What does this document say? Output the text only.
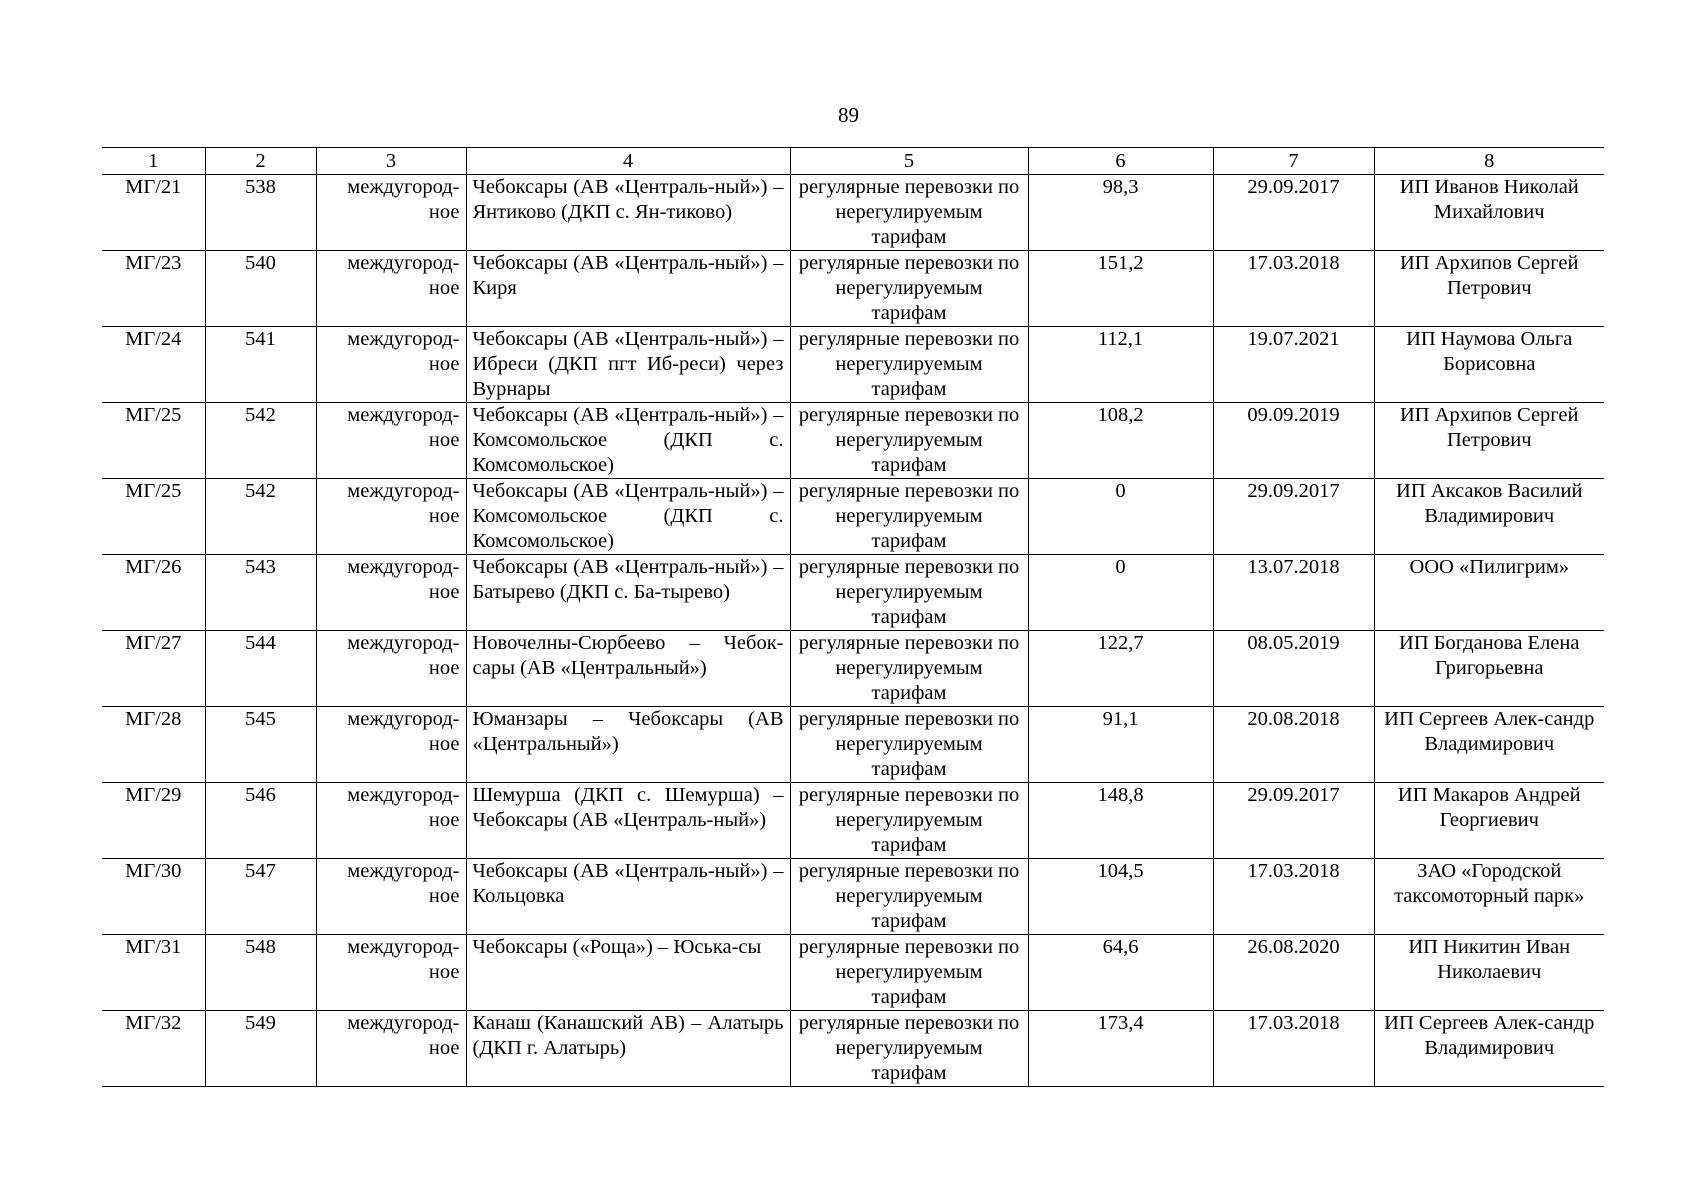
89
1	2	3	4	5	6	7	8
МГ/21	538	междугород-ное	Чебоксары (АВ «Централь-ный») – Янтиково (ДКП с. Ян-тиково)	регулярные перевозки по нерегулируемым тарифам	98,3	29.09.2017	ИП Иванов Николай Михайлович
МГ/23	540	междугород-ное	Чебоксары (АВ «Централь-ный») – Киря	регулярные перевозки по нерегулируемым тарифам	151,2	17.03.2018	ИП Архипов Сергей Петрович
МГ/24	541	междугород-ное	Чебоксары (АВ «Централь-ный») – Ибреси (ДКП пгт Иб-реси) через Вурнары	регулярные перевозки по нерегулируемым тарифам	112,1	19.07.2021	ИП Наумова Ольга Борисовна
МГ/25	542	междугород-ное	Чебоксары (АВ «Централь-ный») – Комсомольское (ДКП с. Комсомольское)	регулярные перевозки по нерегулируемым тарифам	108,2	09.09.2019	ИП Архипов Сергей Петрович
МГ/25	542	междугород-ное	Чебоксары (АВ «Централь-ный») – Комсомольское (ДКП с. Комсомольское)	регулярные перевозки по нерегулируемым тарифам	0	29.09.2017	ИП Аксаков Василий Владимирович
МГ/26	543	междугород-ное	Чебоксары (АВ «Централь-ный») – Батырево (ДКП с. Ба-тырево)	регулярные перевозки по нерегулируемым тарифам	0	13.07.2018	ООО «Пилигрим»
МГ/27	544	междугород-ное	Новочелны-Сюрбеево – Чебок-сары (АВ «Центральный»)	регулярные перевозки по нерегулируемым тарифам	122,7	08.05.2019	ИП Богданова Елена Григорьевна
МГ/28	545	междугород-ное	Юманзары – Чебоксары (АВ «Центральный»)	регулярные перевозки по нерегулируемым тарифам	91,1	20.08.2018	ИП Сергеев Алек-сандр Владимирович
МГ/29	546	междугород-ное	Шемурша (ДКП с. Шемурша) – Чебоксары (АВ «Централь-ный»)	регулярные перевозки по нерегулируемым тарифам	148,8	29.09.2017	ИП Макаров Андрей Георгиевич
МГ/30	547	междугород-ное	Чебоксары (АВ «Централь-ный») – Кольцовка	регулярные перевозки по нерегулируемым тарифам	104,5	17.03.2018	ЗАО «Городской таксомоторный парк»
МГ/31	548	междугород-ное	Чебоксары («Роща») – Юська-сы	регулярные перевозки по нерегулируемым тарифам	64,6	26.08.2020	ИП Никитин Иван Николаевич
МГ/32	549	междугород-ное	Канаш (Канашский АВ) – Алатырь (ДКП г. Алатырь)	регулярные перевозки по нерегулируемым тарифам	173,4	17.03.2018	ИП Сергеев Алек-сандр Владимирович
